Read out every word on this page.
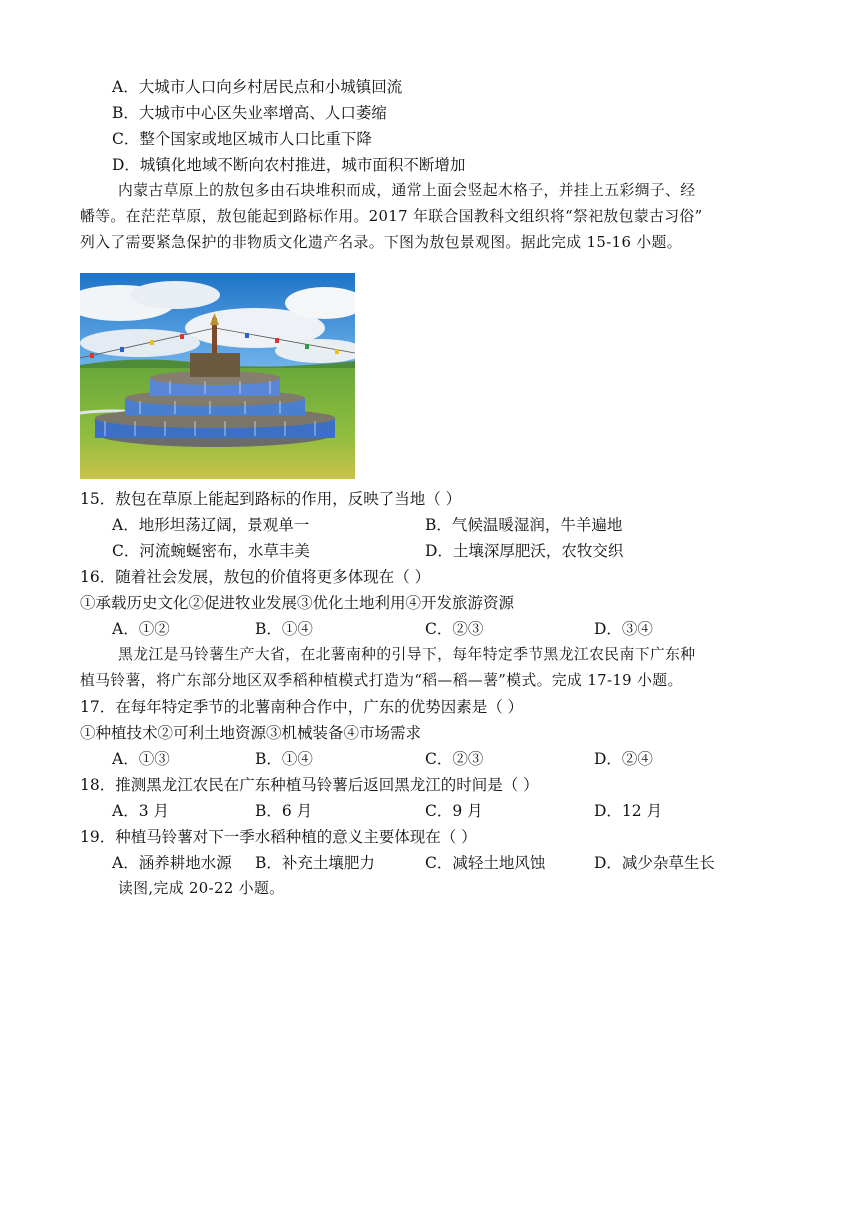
A．大城市人口向乡村居民点和小城镇回流
B．大城市中心区失业率增高、人口萎缩
C．整个国家或地区城市人口比重下降
D．城镇化地域不断向农村推进，城市面积不断增加
内蒙古草原上的敖包多由石块堆积而成，通常上面会竖起木格子，并挂上五彩绸子、经
幡等。在茫茫草原，敖包能起到路标作用。2017 年联合国教科文组织将“祭祀敖包蒙古习俗”
列入了需要紧急保护的非物质文化遗产名录。下图为敖包景观图。据此完成 15-16 小题。
15．敖包在草原上能起到路标的作用，反映了当地（ ）
A．地形坦荡辽阔，景观单一	B．气候温暖湿润，牛羊遍地
C．河流蜿蜒密布，水草丰美	D．土壤深厚肥沃，农牧交织
16．随着社会发展，敖包的价值将更多体现在（ ）
①承载历史文化②促进牧业发展③优化土地利用④开发旅游资源
A．①②	B．①④	C．②③	D．③④
黑龙江是马铃薯生产大省，在北薯南种的引导下，每年特定季节黑龙江农民南下广东种
植马铃薯，将广东部分地区双季稻种植模式打造为“稻—稻—薯”模式。完成 17-19 小题。
17．在每年特定季节的北薯南种合作中，广东的优势因素是（ ）
①种植技术②可利土地资源③机械装备④市场需求
A．①③	B．①④	C．②③	D．②④
18．推测黑龙江农民在广东种植马铃薯后返回黑龙江的时间是（ ）
A．3 月	B．6 月	C．9 月	D．12 月
19．种植马铃薯对下一季水稻种植的意义主要体现在（ ）
A．涵养耕地水源 B．补充土壤肥力	C．减轻土地风蚀	D．减少杂草生长
读图,完成 20-22 小题。
